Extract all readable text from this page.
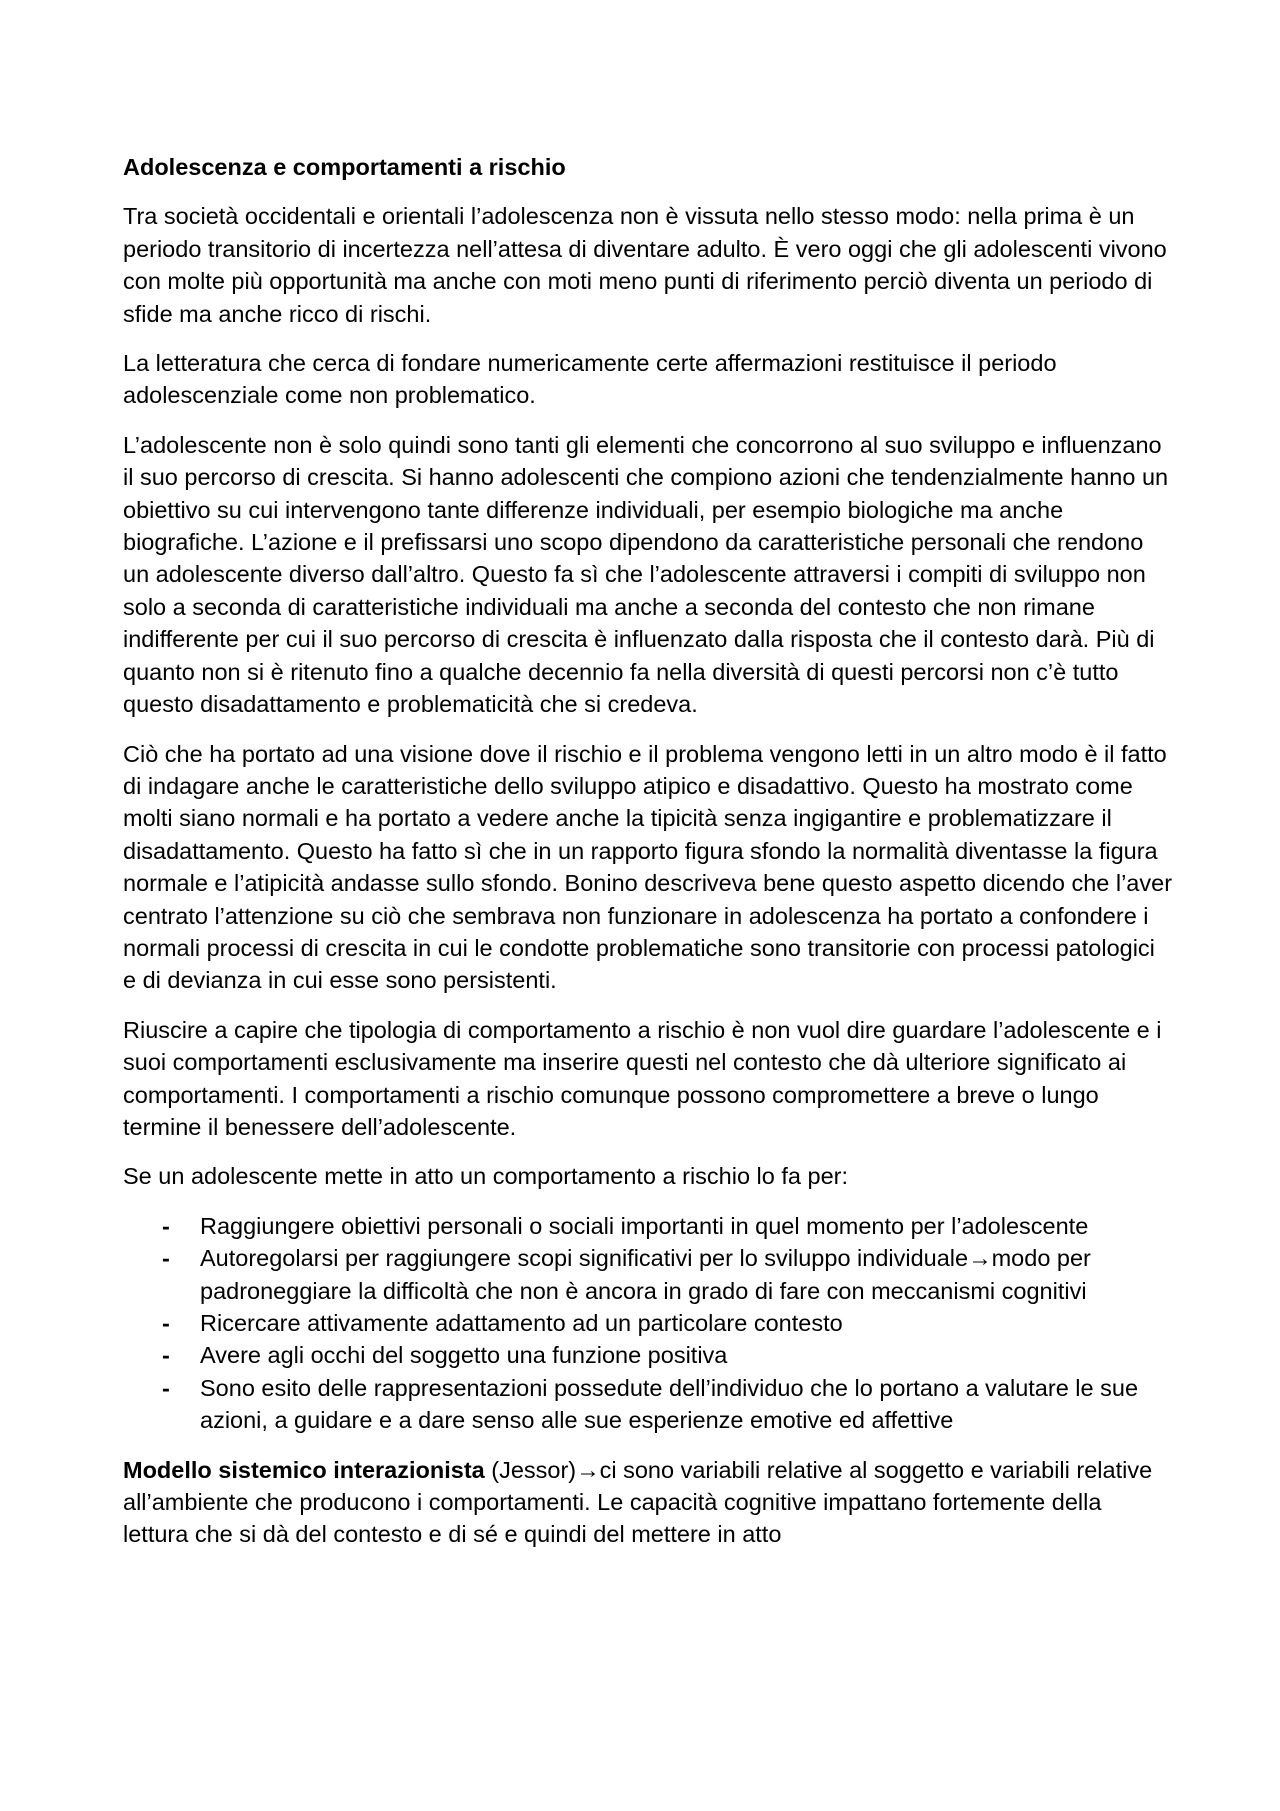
Adolescenza e comportamenti a rischio

Tra società occidentali e orientali l’adolescenza non è vissuta nello stesso modo: nella prima è un periodo transitorio di incertezza nell’attesa di diventare adulto. È vero oggi che gli adolescenti vivono con molte più opportunità ma anche con moti meno punti di riferimento perciò diventa un periodo di sfide ma anche ricco di rischi.

La letteratura che cerca di fondare numericamente certe affermazioni restituisce il periodo adolescenziale come non problematico.

L’adolescente non è solo quindi sono tanti gli elementi che concorrono al suo sviluppo e influenzano il suo percorso di crescita. Si hanno adolescenti che compiono azioni che tendenzialmente hanno un obiettivo su cui intervengono tante differenze individuali, per esempio biologiche ma anche biografiche. L’azione e il prefissarsi uno scopo dipendono da caratteristiche personali che rendono un adolescente diverso dall’altro. Questo fa sì che l’adolescente attraversi i compiti di sviluppo non solo a seconda di caratteristiche individuali ma anche a seconda del contesto che non rimane indifferente per cui il suo percorso di crescita è influenzato dalla risposta che il contesto darà. Più di quanto non si è ritenuto fino a qualche decennio fa nella diversità di questi percorsi non c’è tutto questo disadattamento e problematicità che si credeva.

Ciò che ha portato ad una visione dove il rischio e il problema vengono letti in un altro modo è il fatto di indagare anche le caratteristiche dello sviluppo atipico e disadattivo. Questo ha mostrato come molti siano normali e ha portato a vedere anche la tipicità senza ingigantire e problematizzare il disadattamento. Questo ha fatto sì che in un rapporto figura sfondo la normalità diventasse la figura normale e l’atipicità andasse sullo sfondo. Bonino descriveva bene questo aspetto dicendo che l’aver centrato l’attenzione su ciò che sembrava non funzionare in adolescenza ha portato a confondere i normali processi di crescita in cui le condotte problematiche sono transitorie con processi patologici e di devianza in cui esse sono persistenti.

Riuscire a capire che tipologia di comportamento a rischio è non vuol dire guardare l’adolescente e i suoi comportamenti esclusivamente ma inserire questi nel contesto che dà ulteriore significato ai comportamenti. I comportamenti a rischio comunque possono compromettere a breve o lungo termine il benessere dell’adolescente.

Se un adolescente mette in atto un comportamento a rischio lo fa per:

- Raggiungere obiettivi personali o sociali importanti in quel momento per l’adolescente
- Autoregolarsi per raggiungere scopi significativi per lo sviluppo individuale→modo per padroneggiare la difficoltà che non è ancora in grado di fare con meccanismi cognitivi
- Ricercare attivamente adattamento ad un particolare contesto
- Avere agli occhi del soggetto una funzione positiva
- Sono esito delle rappresentazioni possedute dell’individuo che lo portano a valutare le sue azioni, a guidare e a dare senso alle sue esperienze emotive ed affettive

Modello sistemico interazionista (Jessor)→ci sono variabili relative al soggetto e variabili relative all’ambiente che producono i comportamenti. Le capacità cognitive impattano fortemente della lettura che si dà del contesto e di sé e quindi del mettere in atto
